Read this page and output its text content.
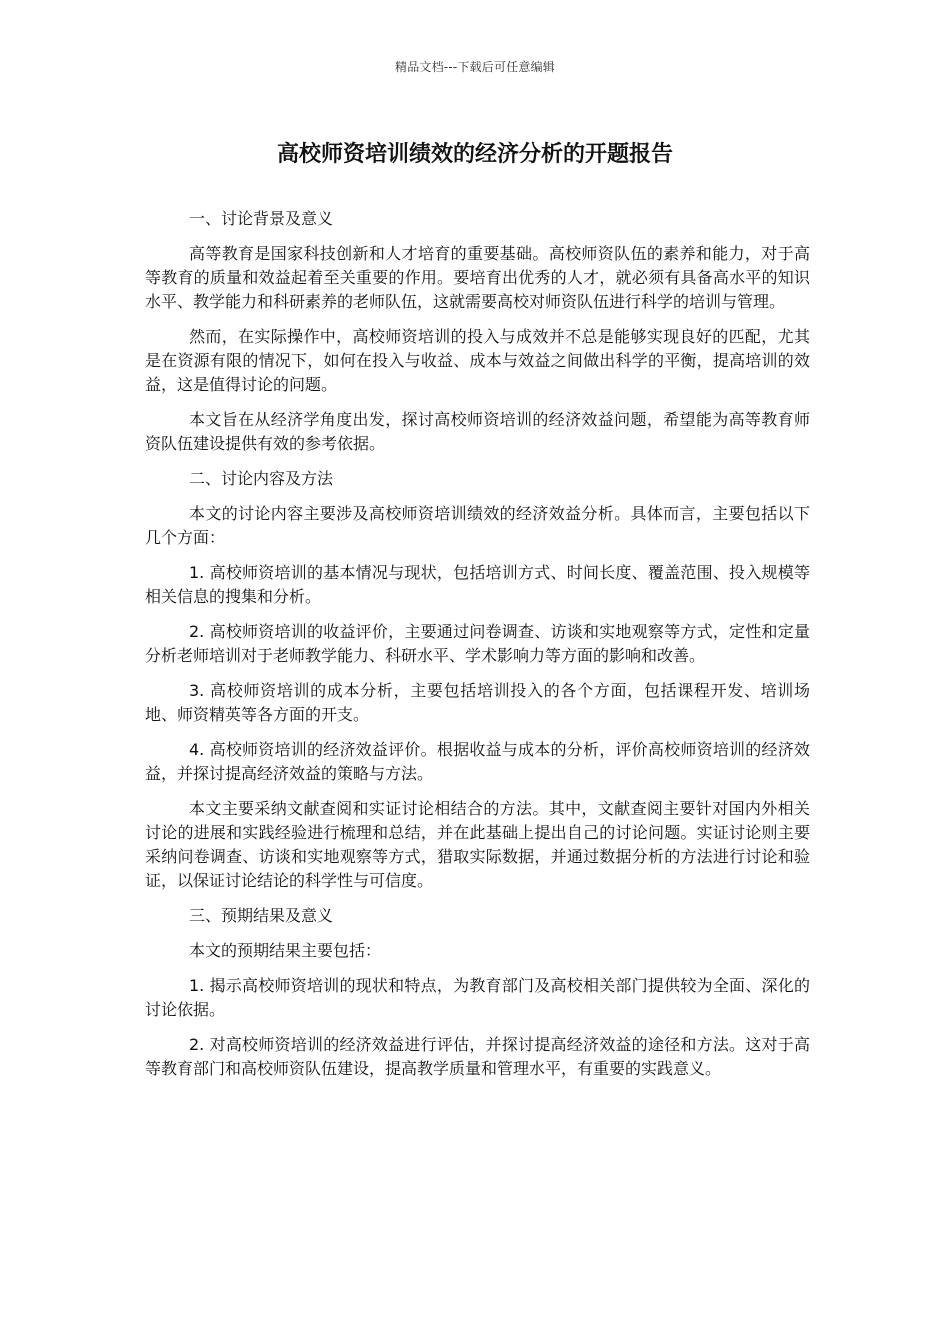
精品文档---下载后可任意编辑
高校师资培训绩效的经济分析的开题报告
一、讨论背景及意义

高等教育是国家科技创新和人才培育的重要基础。高校师资队伍的素养和能力，对于高等教育的质量和效益起着至关重要的作用。要培育出优秀的人才，就必须有具备高水平的知识水平、教学能力和科研素养的老师队伍，这就需要高校对师资队伍进行科学的培训与管理。

然而，在实际操作中，高校师资培训的投入与成效并不总是能够实现良好的匹配，尤其是在资源有限的情况下，如何在投入与收益、成本与效益之间做出科学的平衡，提高培训的效益，这是值得讨论的问题。

本文旨在从经济学角度出发，探讨高校师资培训的经济效益问题，希望能为高等教育师资队伍建设提供有效的参考依据。

二、讨论内容及方法

本文的讨论内容主要涉及高校师资培训绩效的经济效益分析。具体而言，主要包括以下几个方面：

1. 高校师资培训的基本情况与现状，包括培训方式、时间长度、覆盖范围、投入规模等相关信息的搜集和分析。

2. 高校师资培训的收益评价，主要通过问卷调查、访谈和实地观察等方式，定性和定量分析老师培训对于老师教学能力、科研水平、学术影响力等方面的影响和改善。

3. 高校师资培训的成本分析，主要包括培训投入的各个方面，包括课程开发、培训场地、师资精英等各方面的开支。

4. 高校师资培训的经济效益评价。根据收益与成本的分析，评价高校师资培训的经济效益，并探讨提高经济效益的策略与方法。

本文主要采纳文献查阅和实证讨论相结合的方法。其中，文献查阅主要针对国内外相关讨论的进展和实践经验进行梳理和总结，并在此基础上提出自己的讨论问题。实证讨论则主要采纳问卷调查、访谈和实地观察等方式，猎取实际数据，并通过数据分析的方法进行讨论和验证，以保证讨论结论的科学性与可信度。

三、预期结果及意义

本文的预期结果主要包括：

1. 揭示高校师资培训的现状和特点，为教育部门及高校相关部门提供较为全面、深化的讨论依据。

2. 对高校师资培训的经济效益进行评估，并探讨提高经济效益的途径和方法。这对于高等教育部门和高校师资队伍建设，提高教学质量和管理水平，有重要的实践意义。
